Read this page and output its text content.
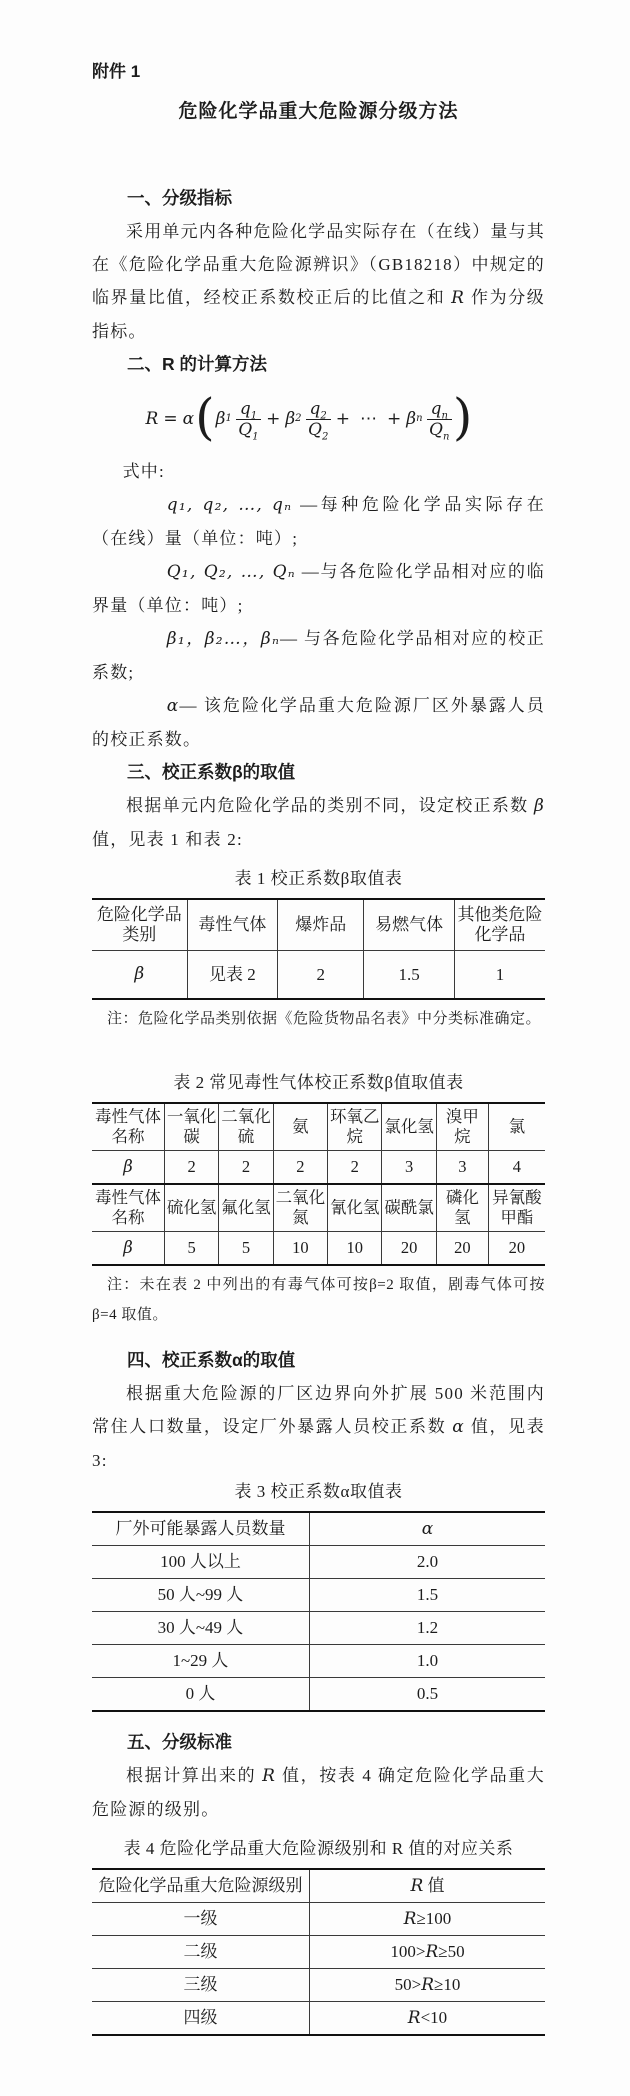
附件 1
危险化学品重大危险源分级方法
一、分级指标

采用单元内各种危险化学品实际存在（在线）量与其在《危险化学品重大危险源辨识》（GB18218）中规定的临界量比值，经校正系数校正后的比值之和 R 作为分级指标。

二、R 的计算方法
R = α ( β $1 \frac{q_1}{Q_1} + \beta$ $2 \frac{q_2}{Q_2}$ + ⋯ + β n $\frac{q_n}{Q_n}$ )

式中:

q₁, q₂, …, qₙ —每种危险化学品实际存在（在线）量（单位：吨）;

Q₁, Q₂, …, Qₙ —与各危险化学品相对应的临界量（单位：吨）;

β₁，β₂…，βₙ— 与各危险化学品相对应的校正系数;

α— 该危险化学品重大危险源厂区外暴露人员的校正系数。

三、校正系数β的取值

根据单元内危险化学品的类别不同，设定校正系数 β 值，见表 1 和表 2:

表 1 校正系数β取值表
危险化学品类别	毒性气体	爆炸品	易燃气体	其他类危险化学品
β	见表 2	2	1.5	1

注：危险化学品类别依据《危险货物品名表》中分类标准确定。

表 2 常见毒性气体校正系数β值取值表
毒性气体名称	一氧化碳	二氧化硫	氨	环氧乙烷	氯化氢	溴甲烷	氯
β	2	2	2	2	3	3	4
毒性气体名称	硫化氢	氟化氢	二氧化氮	氰化氢	碳酰氯	磷化氢	异氰酸甲酯
β	5	5	10	10	20	20	20

注：未在表 2 中列出的有毒气体可按β=2 取值，剧毒气体可按β=4 取值。

四、校正系数α的取值

根据重大危险源的厂区边界向外扩展 500 米范围内常住人口数量，设定厂外暴露人员校正系数 α 值，见表 3:

表 3 校正系数α取值表
厂外可能暴露人员数量	α
100 人以上	2.0
50 人~99 人	1.5
30 人~49 人	1.2
1~29 人	1.0
0 人	0.5
五、分级标准

根据计算出来的 R 值，按表 4 确定危险化学品重大危险源的级别。

表 4 危险化学品重大危险源级别和 R 值的对应关系
危险化学品重大危险源级别	R 值
一级	R≥100
二级	100>R≥50
三级	50>R≥10
四级	R<10
